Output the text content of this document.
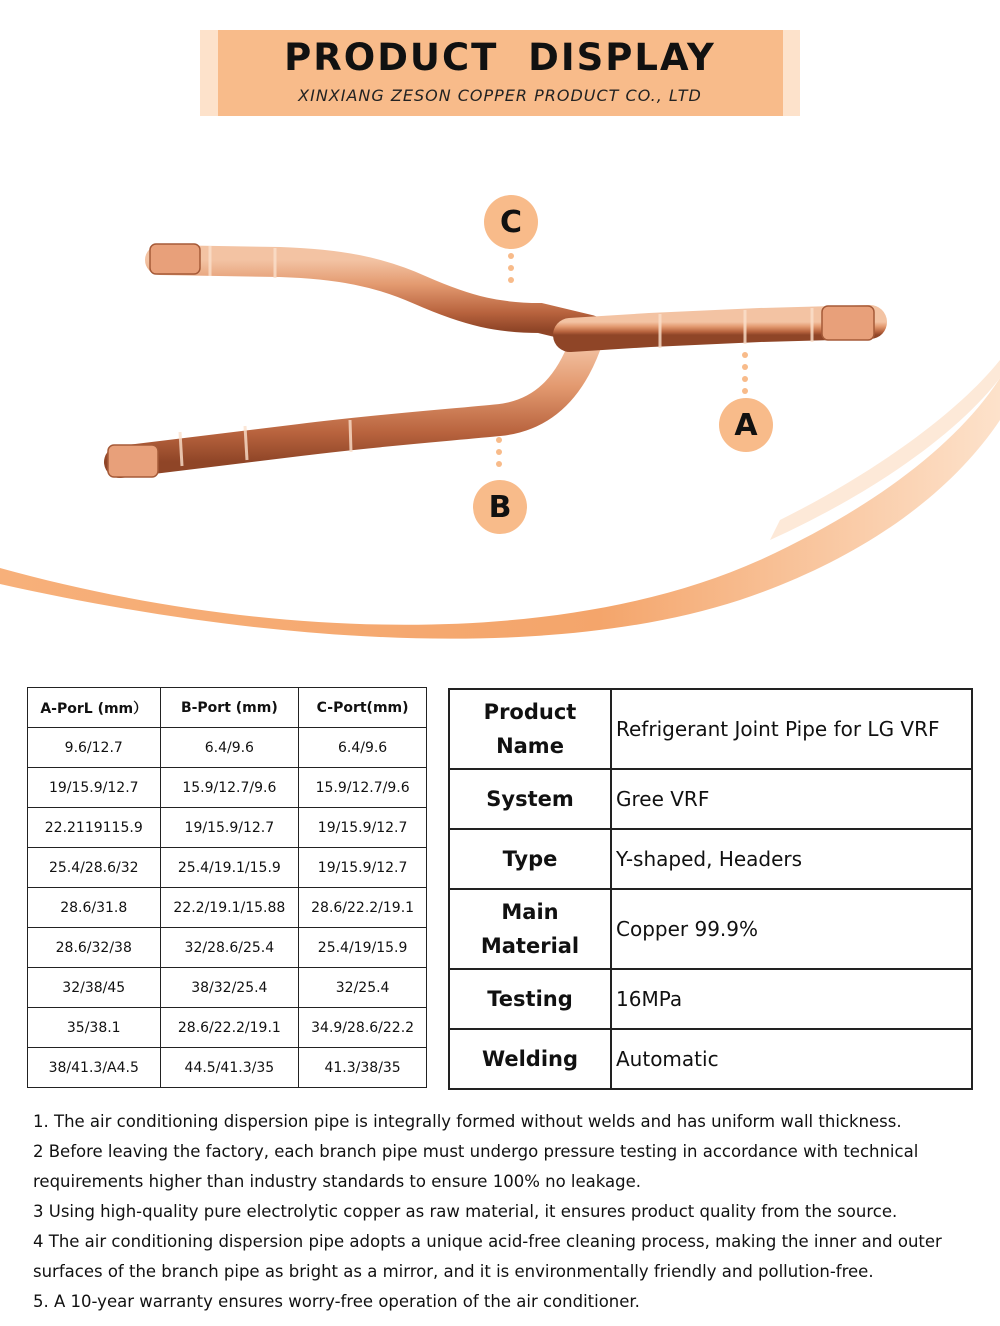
PRODUCT  DISPLAY
XINXIANG ZESON COPPER PRODUCT CO., LTD
C
A
B
A-PorL (mm）	B-Port (mm)	C-Port(mm)
9.6/12.7	6.4/9.6	6.4/9.6
19/15.9/12.7	15.9/12.7/9.6	15.9/12.7/9.6
22.2119115.9	19/15.9/12.7	19/15.9/12.7
25.4/28.6/32	25.4/19.1/15.9	19/15.9/12.7
28.6/31.8	22.2/19.1/15.88	28.6/22.2/19.1
28.6/32/38	32/28.6/25.4	25.4/19/15.9
32/38/45	38/32/25.4	32/25.4
35/38.1	28.6/22.2/19.1	34.9/28.6/22.2
38/41.3/A4.5	44.5/41.3/35	41.3/38/35
Product
Name	Refrigerant Joint Pipe for LG VRF
System	Gree VRF
Type	Y-shaped, Headers

Main
Material	Copper 99.9%
Testing	16MPa
Welding	Automatic

1. The air conditioning dispersion pipe is integrally formed without welds and has uniform wall thickness.

2 Before leaving the factory, each branch pipe must undergo pressure testing in accordance with technical requirements higher than industry standards to ensure 100% no leakage.

3 Using high-quality pure electrolytic copper as raw material, it ensures product quality from the source.

4 The air conditioning dispersion pipe adopts a unique acid-free cleaning process, making the inner and outer surfaces of the branch pipe as bright as a mirror, and it is environmentally friendly and pollution-free.

5. A 10-year warranty ensures worry-free operation of the air conditioner.
